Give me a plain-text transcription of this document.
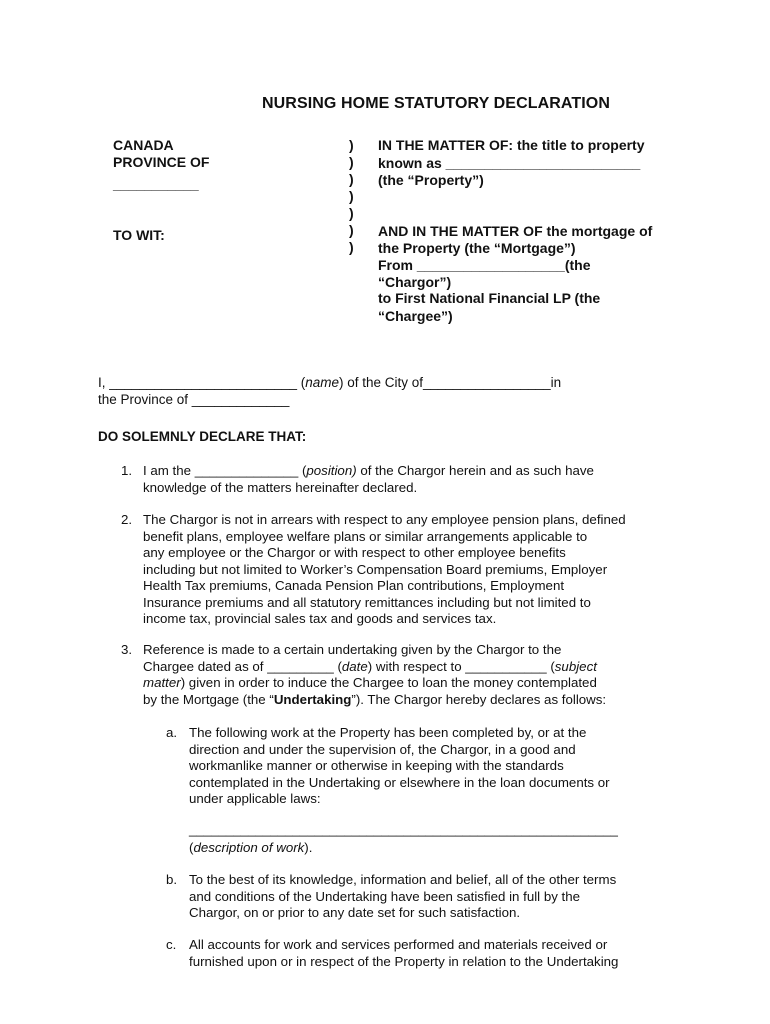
NURSING HOME STATUTORY DECLARATION
CANADA
PROVINCE OF
___________
TO WIT:
)
)
)
)
)
)
)
IN THE MATTER OF: the title to property
known as _________________________
(the “Property”)
AND IN THE MATTER OF the mortgage of
the Property (the “Mortgage”)
From ___________________(the
“Chargor”)
to First National Financial LP (the
“Chargee”)
I, _________________________ (name) of the City of_________________in
the Province of _____________
DO SOLEMNLY DECLARE THAT:
1. I am the ______________ (position) of the Chargor herein and as such have
knowledge of the matters hereinafter declared.
2. The Chargor is not in arrears with respect to any employee pension plans, defined
benefit plans, employee welfare plans or similar arrangements applicable to
any employee or the Chargor or with respect to other employee benefits
including but not limited to Worker’s Compensation Board premiums, Employer
Health Tax premiums, Canada Pension Plan contributions, Employment
Insurance premiums and all statutory remittances including but not limited to
income tax, provincial sales tax and goods and services tax.
3. Reference is made to a certain undertaking given by the Chargor to the
Chargee dated as of _________ (date) with respect to ___________ (subject
matter) given in order to induce the Chargee to loan the money contemplated
by the Mortgage (the “Undertaking”). The Chargor hereby declares as follows:
a. The following work at the Property has been completed by, or at the
direction and under the supervision of, the Chargor, in a good and
workmanlike manner or otherwise in keeping with the standards
contemplated in the Undertaking or elsewhere in the loan documents or
under applicable laws:
__________________________________________________________
(description of work).
b. To the best of its knowledge, information and belief, all of the other terms
and conditions of the Undertaking have been satisfied in full by the
Chargor, on or prior to any date set for such satisfaction.
c. All accounts for work and services performed and materials received or
furnished upon or in respect of the Property in relation to the Undertaking
